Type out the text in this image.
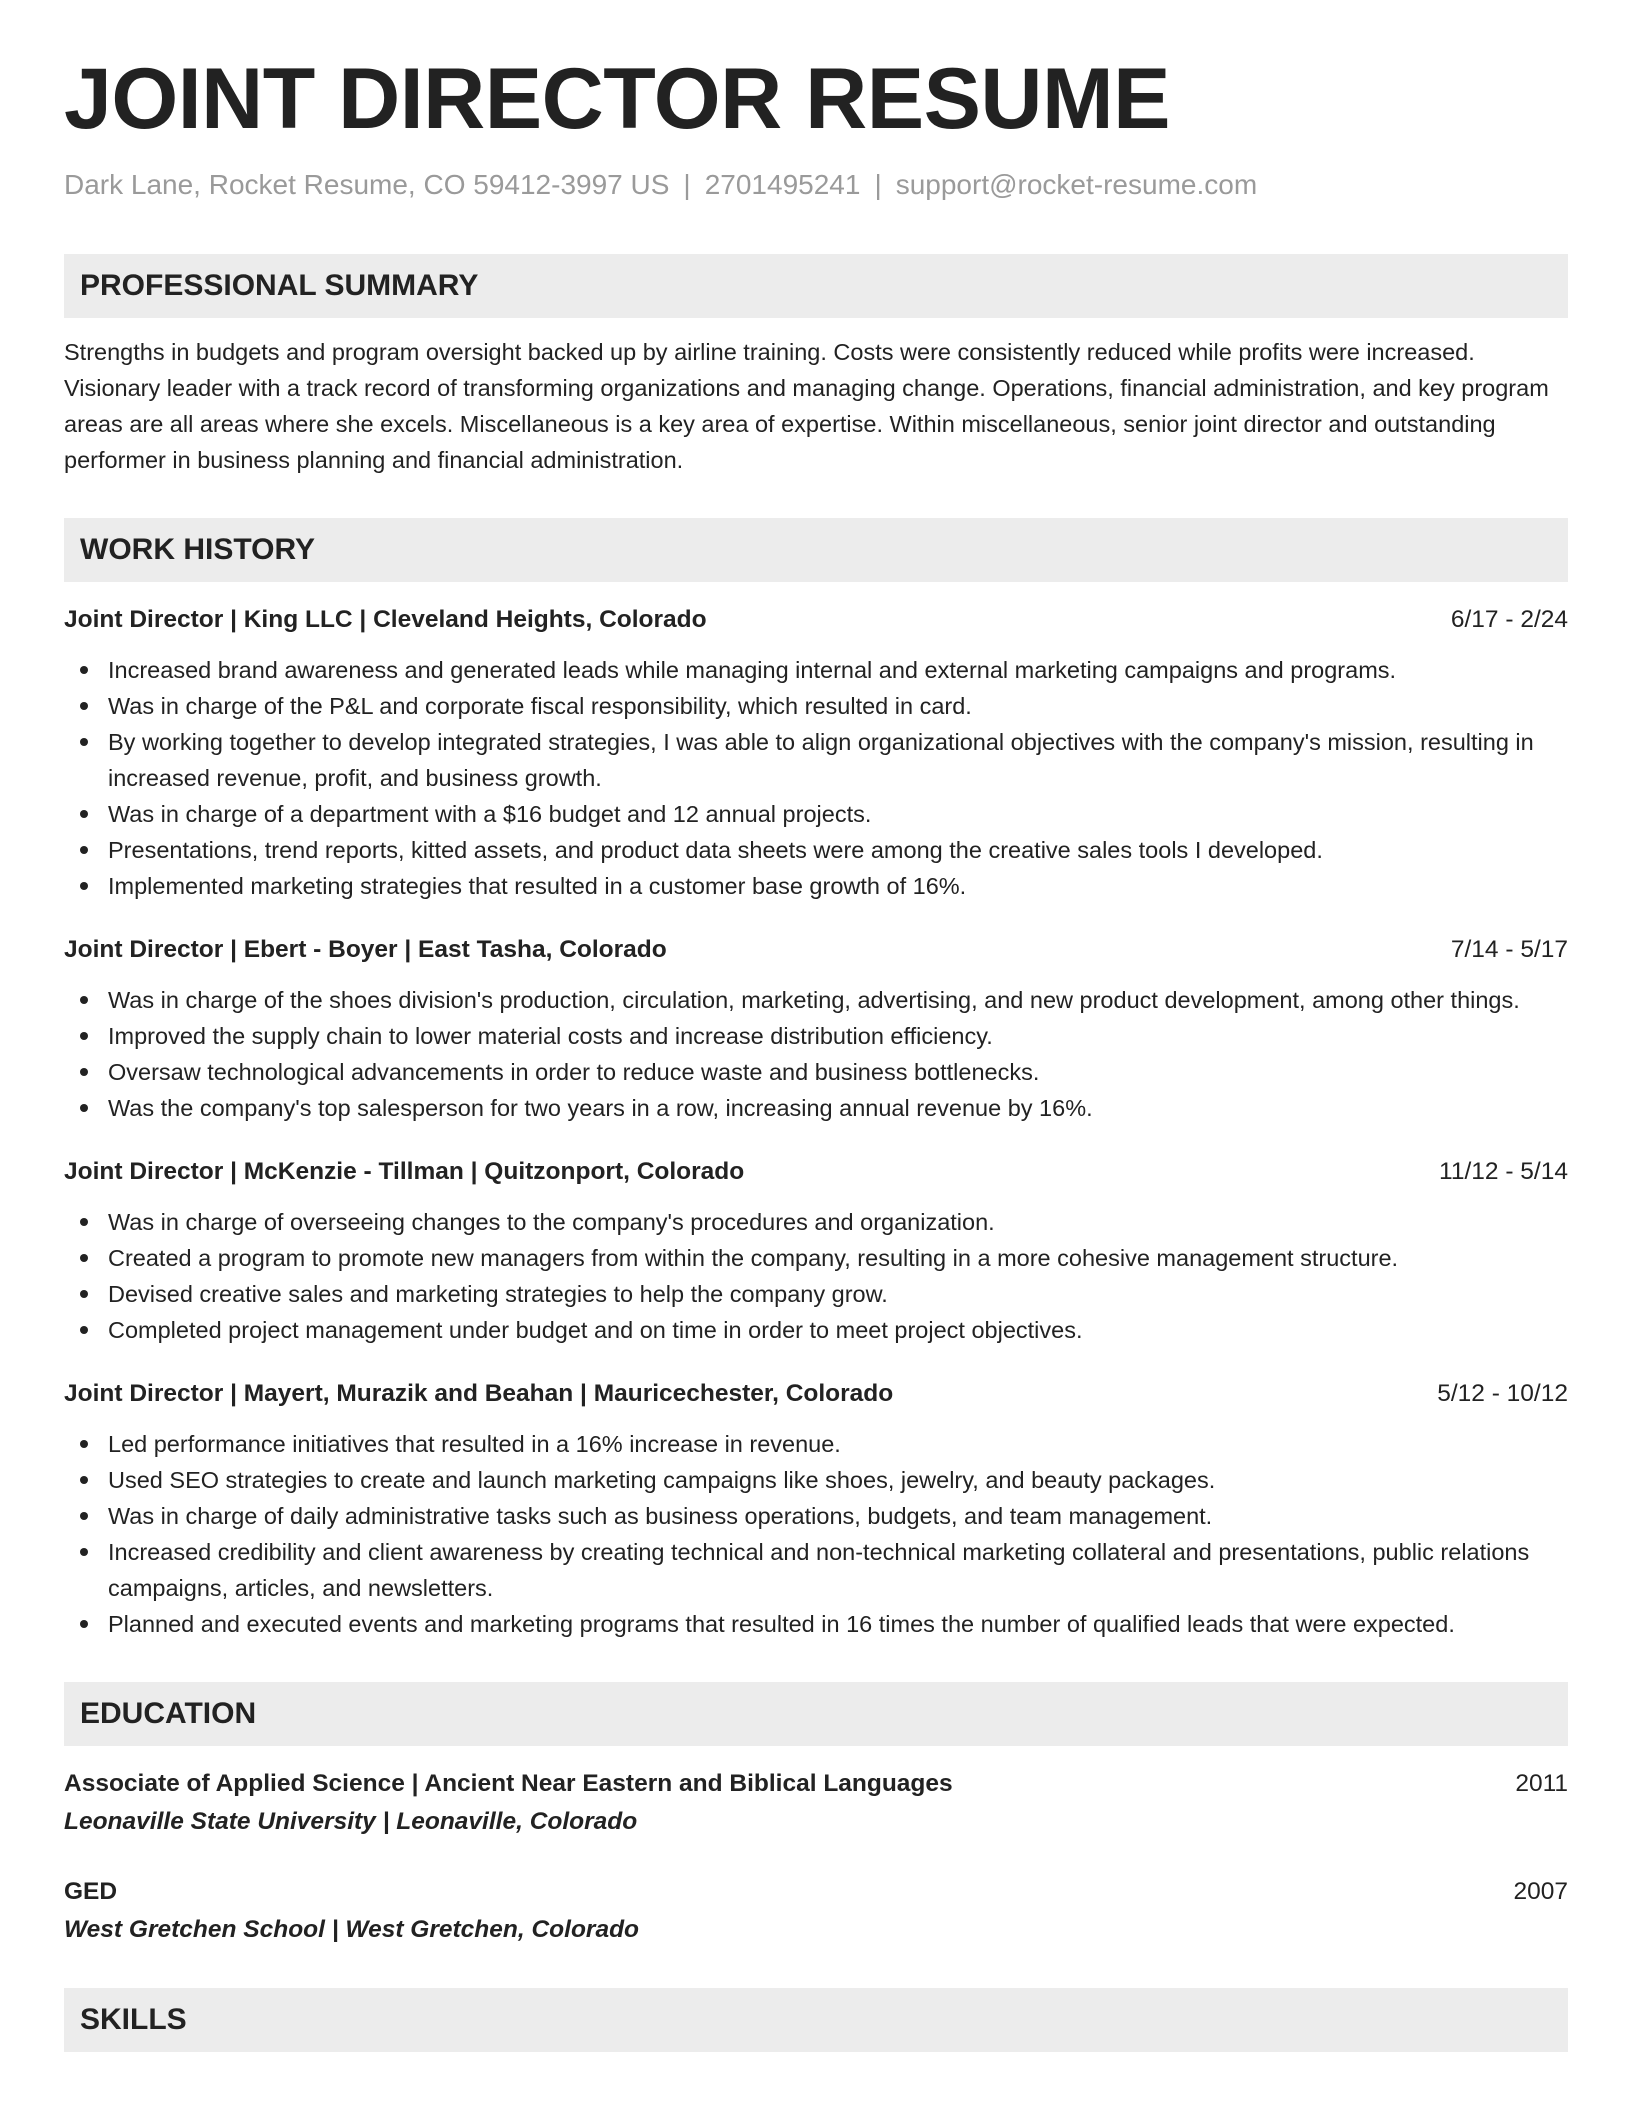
JOINT DIRECTOR RESUME
Dark Lane, Rocket Resume, CO 59412-3997 US | 2701495241 | support@rocket-resume.com
PROFESSIONAL SUMMARY
Strengths in budgets and program oversight backed up by airline training. Costs were consistently reduced while profits were increased. Visionary leader with a track record of transforming organizations and managing change. Operations, financial administration, and key program areas are all areas where she excels. Miscellaneous is a key area of expertise. Within miscellaneous, senior joint director and outstanding performer in business planning and financial administration.
WORK HISTORY
Joint Director | King LLC | Cleveland Heights, Colorado	6/17 - 2/24
Increased brand awareness and generated leads while managing internal and external marketing campaigns and programs.
Was in charge of the P&L and corporate fiscal responsibility, which resulted in card.
By working together to develop integrated strategies, I was able to align organizational objectives with the company's mission, resulting in increased revenue, profit, and business growth.
Was in charge of a department with a $16 budget and 12 annual projects.
Presentations, trend reports, kitted assets, and product data sheets were among the creative sales tools I developed.
Implemented marketing strategies that resulted in a customer base growth of 16%.
Joint Director | Ebert - Boyer | East Tasha, Colorado	7/14 - 5/17
Was in charge of the shoes division's production, circulation, marketing, advertising, and new product development, among other things.
Improved the supply chain to lower material costs and increase distribution efficiency.
Oversaw technological advancements in order to reduce waste and business bottlenecks.
Was the company's top salesperson for two years in a row, increasing annual revenue by 16%.
Joint Director | McKenzie - Tillman | Quitzonport, Colorado	11/12 - 5/14
Was in charge of overseeing changes to the company's procedures and organization.
Created a program to promote new managers from within the company, resulting in a more cohesive management structure.
Devised creative sales and marketing strategies to help the company grow.
Completed project management under budget and on time in order to meet project objectives.
Joint Director | Mayert, Murazik and Beahan | Mauricechester, Colorado	5/12 - 10/12
Led performance initiatives that resulted in a 16% increase in revenue.
Used SEO strategies to create and launch marketing campaigns like shoes, jewelry, and beauty packages.
Was in charge of daily administrative tasks such as business operations, budgets, and team management.
Increased credibility and client awareness by creating technical and non-technical marketing collateral and presentations, public relations campaigns, articles, and newsletters.
Planned and executed events and marketing programs that resulted in 16 times the number of qualified leads that were expected.
EDUCATION
Associate of Applied Science | Ancient Near Eastern and Biblical Languages	2011
Leonaville State University | Leonaville, Colorado
GED	2007
West Gretchen School | West Gretchen, Colorado
SKILLS
